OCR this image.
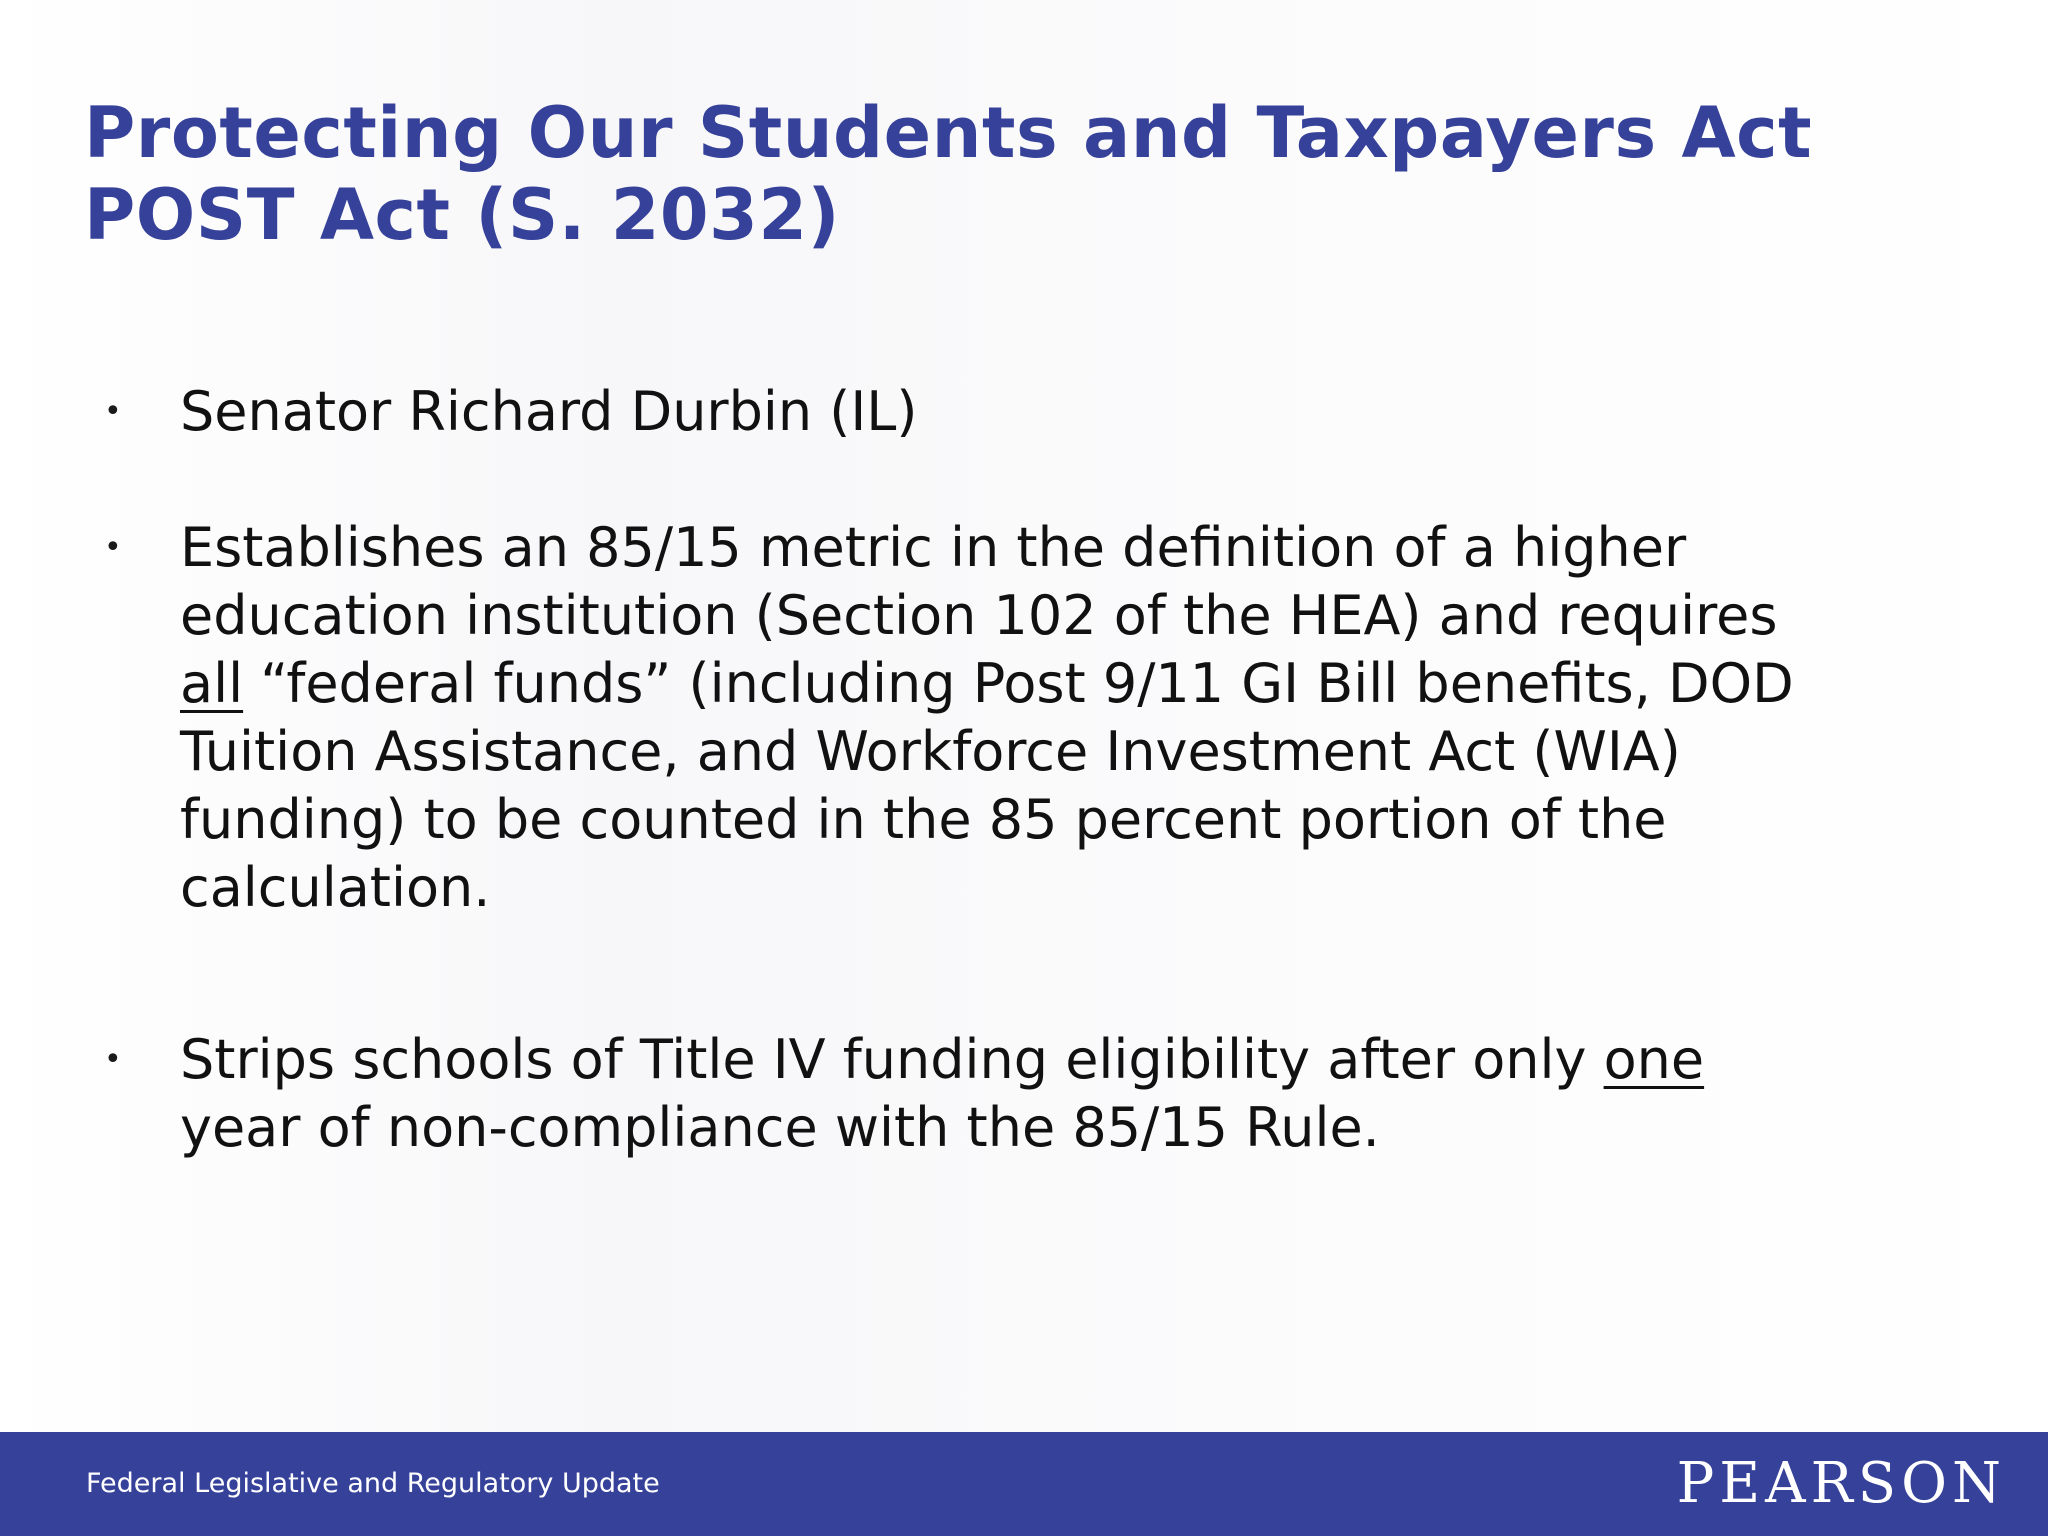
Protecting Our Students and Taxpayers Act
POST Act (S. 2032)
• Senator Richard Durbin (IL)

• Establishes an 85/15 metric in the definition of a higher
education institution (Section 102 of the HEA) and requires
all “federal funds” (including Post 9/11 GI Bill benefits, DOD
Tuition Assistance, and Workforce Investment Act (WIA)
funding) to be counted in the 85 percent portion of the
calculation.

• Strips schools of Title IV funding eligibility after only one
year of non-compliance with the 85/15 Rule.

Federal Legislative and Regulatory Update	PEARSON
